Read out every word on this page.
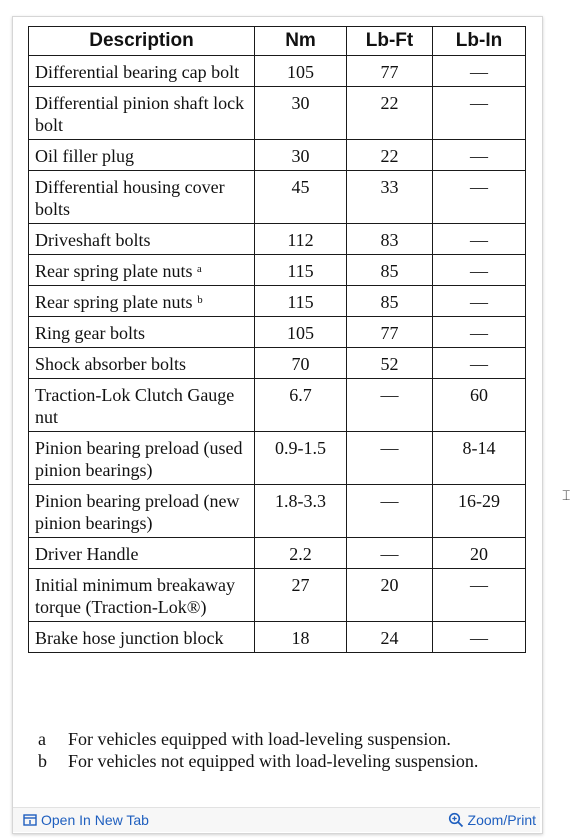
Description	Nm	Lb-Ft	Lb-In
Differential bearing cap bolt	105	77	—
Differential pinion shaft lock bolt	30	22	—
Oil filler plug	30	22	—
Differential housing cover bolts	45	33	—
Driveshaft bolts	112	83	—
Rear spring plate nuts ᵃ	115	85	—
Rear spring plate nuts ᵇ	115	85	—
Ring gear bolts	105	77	—
Shock absorber bolts	70	52	—
Traction-Lok Clutch Gauge nut	6.7	—	60
Pinion bearing preload (used pinion bearings)	0.9-1.5	—	8-14
Pinion bearing preload (new pinion bearings)	1.8-3.3	—	16-29
Driver Handle	2.2	—	20
Initial minimum breakaway torque (Traction-Lok®)	27	20	—
Brake hose junction block	18	24	—
a	For vehicles equipped with load-leveling suspension.
b	For vehicles not equipped with load-leveling suspension.
⌶
Open In New Tab	Zoom/Print
